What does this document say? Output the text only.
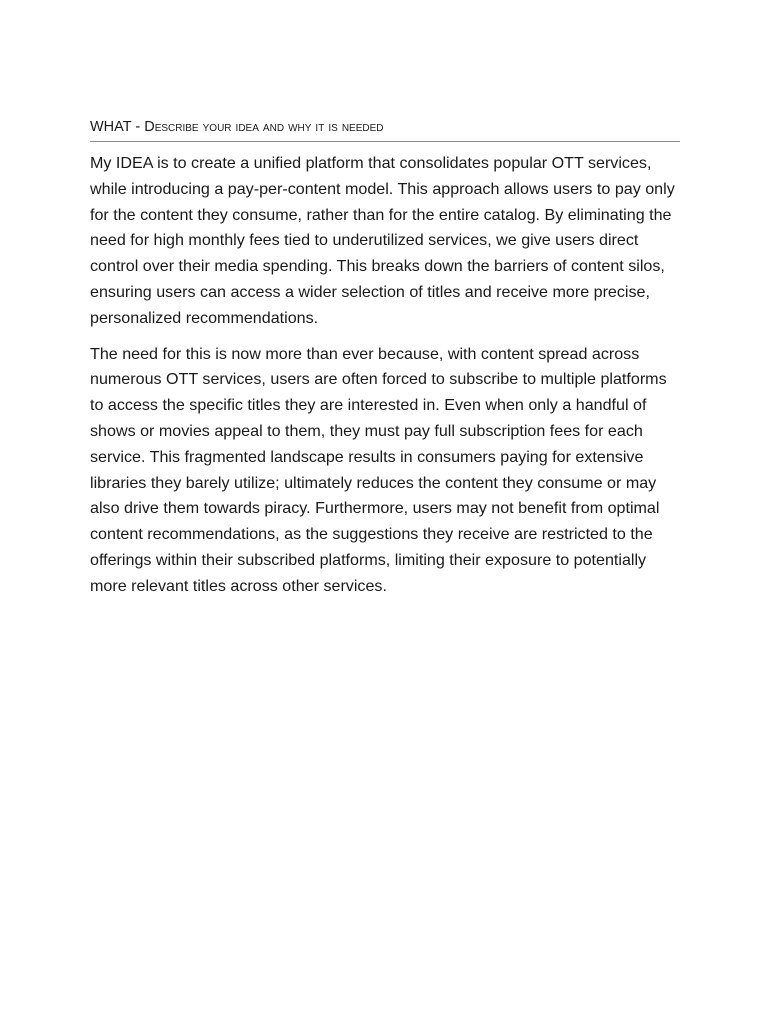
WHAT - Describe your idea and why it is needed

My IDEA is to create a unified platform that consolidates popular OTT services, while introducing a pay-per-content model. This approach allows users to pay only for the content they consume, rather than for the entire catalog. By eliminating the need for high monthly fees tied to underutilized services, we give users direct control over their media spending. This breaks down the barriers of content silos, ensuring users can access a wider selection of titles and receive more precise, personalized recommendations.

The need for this is now more than ever because, with content spread across numerous OTT services, users are often forced to subscribe to multiple platforms to access the specific titles they are interested in. Even when only a handful of shows or movies appeal to them, they must pay full subscription fees for each service. This fragmented landscape results in consumers paying for extensive libraries they barely utilize; ultimately reduces the content they consume or may also drive them towards piracy. Furthermore, users may not benefit from optimal content recommendations, as the suggestions they receive are restricted to the offerings within their subscribed platforms, limiting their exposure to potentially more relevant titles across other services.
